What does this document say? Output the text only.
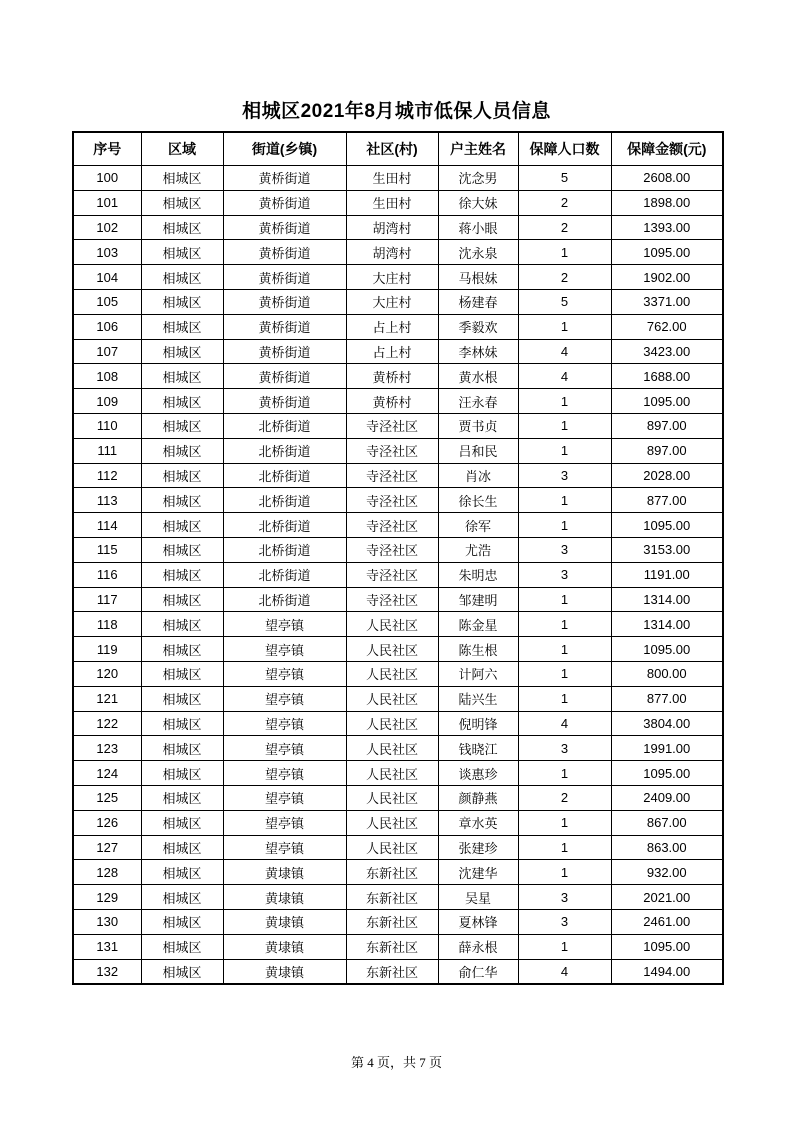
相城区2021年8月城市低保人员信息
序号	区域	街道(乡镇)	社区(村)	户主姓名	保障人口数	保障金额(元)
100	相城区	黄桥街道	生田村	沈念男	5	2608.00
101	相城区	黄桥街道	生田村	徐大妹	2	1898.00
102	相城区	黄桥街道	胡湾村	蒋小眼	2	1393.00
103	相城区	黄桥街道	胡湾村	沈永泉	1	1095.00
104	相城区	黄桥街道	大庄村	马根妹	2	1902.00
105	相城区	黄桥街道	大庄村	杨建春	5	3371.00
106	相城区	黄桥街道	占上村	季毅欢	1	762.00
107	相城区	黄桥街道	占上村	李林妹	4	3423.00
108	相城区	黄桥街道	黄桥村	黄水根	4	1688.00
109	相城区	黄桥街道	黄桥村	汪永春	1	1095.00
110	相城区	北桥街道	寺泾社区	贾书贞	1	897.00
111	相城区	北桥街道	寺泾社区	吕和民	1	897.00
112	相城区	北桥街道	寺泾社区	肖冰	3	2028.00
113	相城区	北桥街道	寺泾社区	徐长生	1	877.00
114	相城区	北桥街道	寺泾社区	徐军	1	1095.00
115	相城区	北桥街道	寺泾社区	尤浩	3	3153.00
116	相城区	北桥街道	寺泾社区	朱明忠	3	1191.00
117	相城区	北桥街道	寺泾社区	邹建明	1	1314.00
118	相城区	望亭镇	人民社区	陈金星	1	1314.00
119	相城区	望亭镇	人民社区	陈生根	1	1095.00
120	相城区	望亭镇	人民社区	计阿六	1	800.00
121	相城区	望亭镇	人民社区	陆兴生	1	877.00
122	相城区	望亭镇	人民社区	倪明锋	4	3804.00
123	相城区	望亭镇	人民社区	钱晓江	3	1991.00
124	相城区	望亭镇	人民社区	谈惠珍	1	1095.00
125	相城区	望亭镇	人民社区	颜静燕	2	2409.00
126	相城区	望亭镇	人民社区	章水英	1	867.00
127	相城区	望亭镇	人民社区	张建珍	1	863.00
128	相城区	黄埭镇	东新社区	沈建华	1	932.00
129	相城区	黄埭镇	东新社区	吴星	3	2021.00
130	相城区	黄埭镇	东新社区	夏林锋	3	2461.00
131	相城区	黄埭镇	东新社区	薛永根	1	1095.00
132	相城区	黄埭镇	东新社区	俞仁华	4	1494.00
第 4 页，共 7 页
